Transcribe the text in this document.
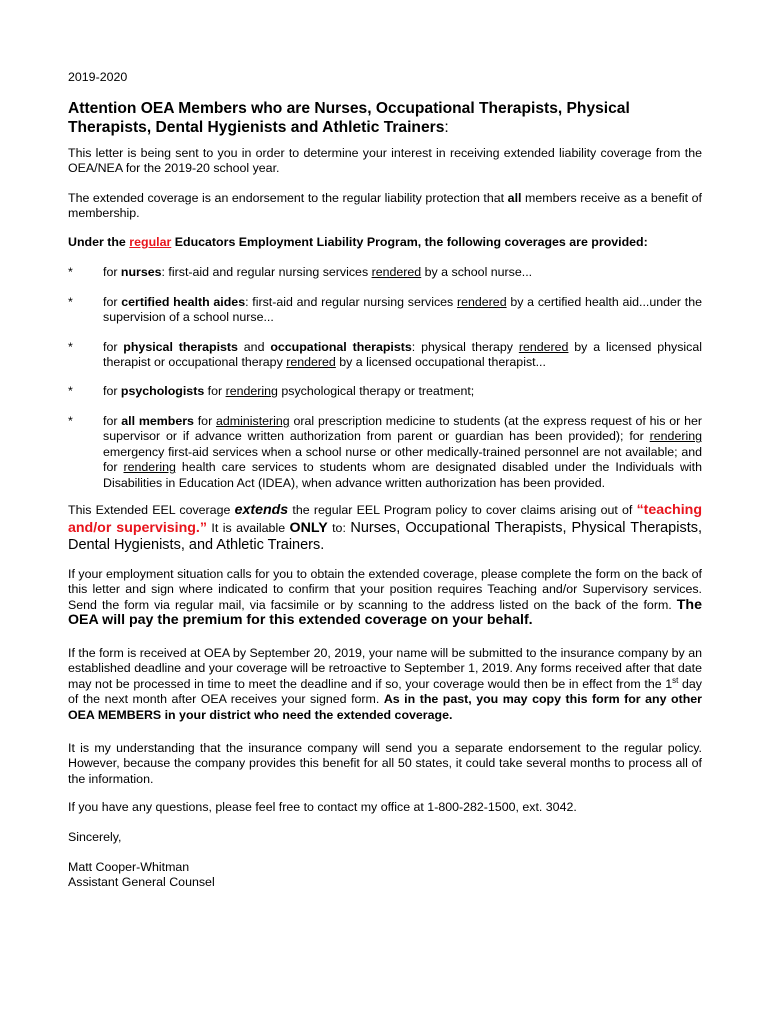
2019-2020
Attention OEA Members who are Nurses, Occupational Therapists, Physical Therapists, Dental Hygienists and Athletic Trainers:
This letter is being sent to you in order to determine your interest in receiving extended liability coverage from the OEA/NEA for the 2019-20 school year.
The extended coverage is an endorsement to the regular liability protection that all members receive as a benefit of membership.
Under the regular Educators Employment Liability Program, the following coverages are provided:
* for nurses: first-aid and regular nursing services rendered by a school nurse...
* for certified health aides: first-aid and regular nursing services rendered by a certified health aid...under the supervision of a school nurse...
* for physical therapists and occupational therapists: physical therapy rendered by a licensed physical therapist or occupational therapy rendered by a licensed occupational therapist...
* for psychologists for rendering psychological therapy or treatment;
* for all members for administering oral prescription medicine to students (at the express request of his or her supervisor or if advance written authorization from parent or guardian has been provided); for rendering emergency first-aid services when a school nurse or other medically-trained personnel are not available; and for rendering health care services to students whom are designated disabled under the Individuals with Disabilities in Education Act (IDEA), when advance written authorization has been provided.
This Extended EEL coverage extends the regular EEL Program policy to cover claims arising out of “teaching and/or supervising.” It is available ONLY to: Nurses, Occupational Therapists, Physical Therapists, Dental Hygienists, and Athletic Trainers.
If your employment situation calls for you to obtain the extended coverage, please complete the form on the back of this letter and sign where indicated to confirm that your position requires Teaching and/or Supervisory services. Send the form via regular mail, via facsimile or by scanning to the address listed on the back of the form. The OEA will pay the premium for this extended coverage on your behalf.
If the form is received at OEA by September 20, 2019, your name will be submitted to the insurance company by an established deadline and your coverage will be retroactive to September 1, 2019. Any forms received after that date may not be processed in time to meet the deadline and if so, your coverage would then be in effect from the 1st day of the next month after OEA receives your signed form. As in the past, you may copy this form for any other OEA MEMBERS in your district who need the extended coverage.
It is my understanding that the insurance company will send you a separate endorsement to the regular policy. However, because the company provides this benefit for all 50 states, it could take several months to process all of the information.
If you have any questions, please feel free to contact my office at 1-800-282-1500, ext. 3042.
Sincerely,
Matt Cooper-Whitman
Assistant General Counsel
